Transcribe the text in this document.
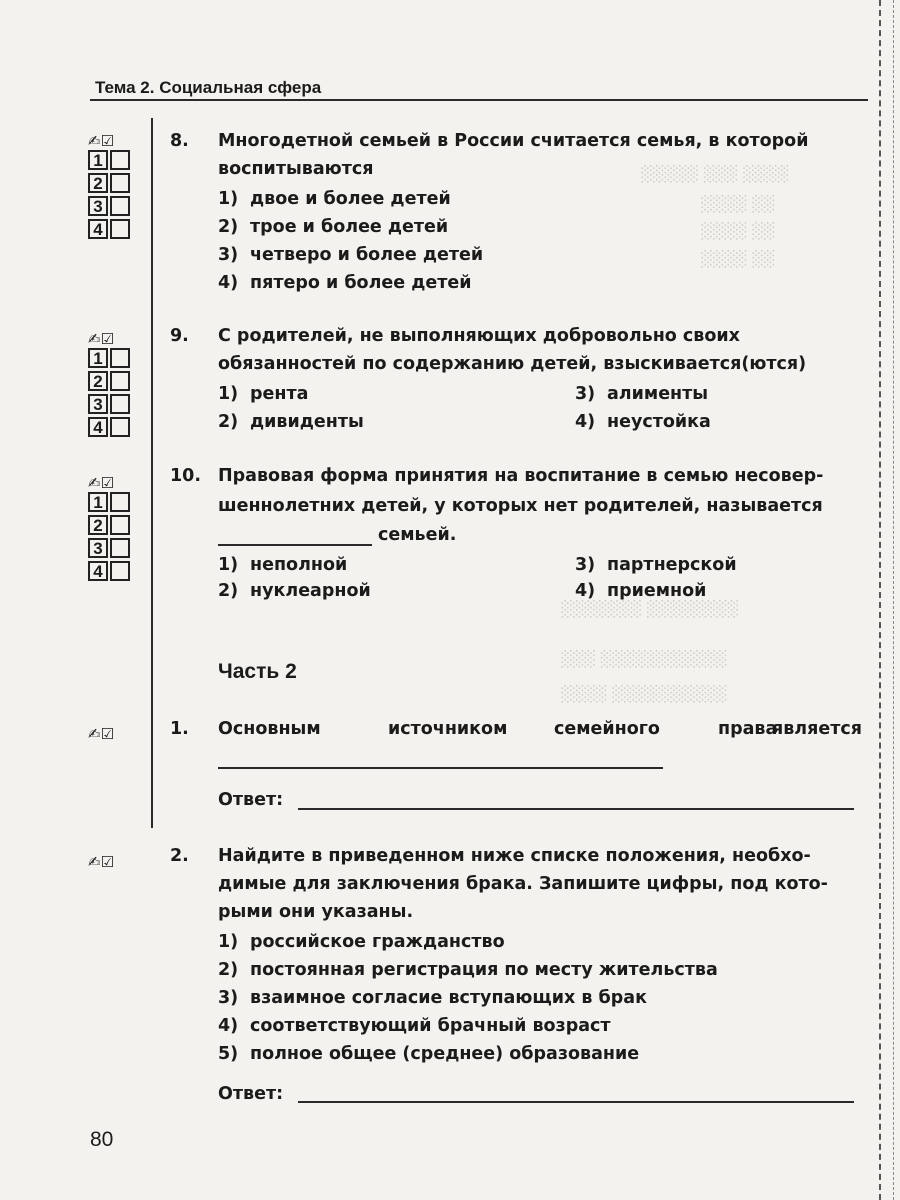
░░░░ ░░░ ░░░░░
░░ ░░░░
░░ ░░░░
░░ ░░░░
░░░░░░░░ ░░░░░░░
░░░░░░░░░░░ ░░░
░░░░░░░░░░ ░░░░
Тема 2. Социальная сфера
✍☑
1
2
3
4
✍☑
1
2
3
4
✍☑
1
2
3
4
8. Многодетной семьей в России считается семья, в которой воспитываются
1) двое и более детей
2) трое и более детей
3) четверо и более детей
4) пятеро и более детей
9. С родителей, не выполняющих добровольно своих обязанностей по содержанию детей, взыскивается(ются)
1) рента
2) дивиденты
3) алименты
4) неустойка
10. Правовая форма принятия на воспитание в семью несовер-
шеннолетних детей, у которых нет родителей, называется
семьей.
1) неполной
2) нуклеарной
3) партнерской
4) приемной
Часть 2
✍☑	1. Основным	источником	семейного	права
является
Ответ:
✍☑	2. Найдите в приведенном ниже списке положения, необхо-
димые для заключения брака. Запишите цифры, под кото-
рыми они указаны.
1) российское гражданство
2) постоянная регистрация по месту жительства
3) взаимное согласие вступающих в брак
4) соответствующий брачный возраст
5) полное общее (среднее) образование
Ответ:
80
